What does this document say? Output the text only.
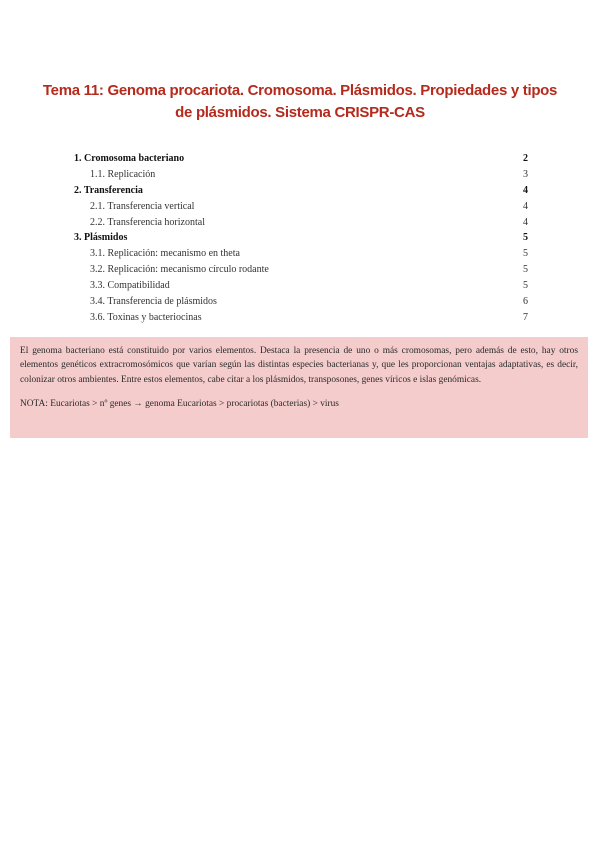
Tema 11: Genoma procariota. Cromosoma. Plásmidos. Propiedades y tipos de plásmidos. Sistema CRISPR-CAS
1. Cromosoma bacteriano	2
1.1. Replicación	3
2. Transferencia	4
2.1. Transferencia vertical	4
2.2. Transferencia horizontal	4
3. Plásmidos	5
3.1. Replicación: mecanismo en theta	5
3.2. Replicación: mecanismo círculo rodante	5
3.3. Compatibilidad	5
3.4. Transferencia de plásmidos	6
3.6. Toxinas y bacteriocinas	7

El genoma bacteriano está constituido por varios elementos. Destaca la presencia de uno o más cromosomas, pero además de esto, hay otros elementos genéticos extracromosómicos que varían según las distintas especies bacterianas y, que les proporcionan ventajas adaptativas, es decir, colonizar otros ambientes. Entre estos elementos, cabe citar a los plásmidos, transposones, genes víricos e islas genómicas.

NOTA: Eucariotas > nº genes → genoma Eucariotas > procariotas (bacterias) > virus
